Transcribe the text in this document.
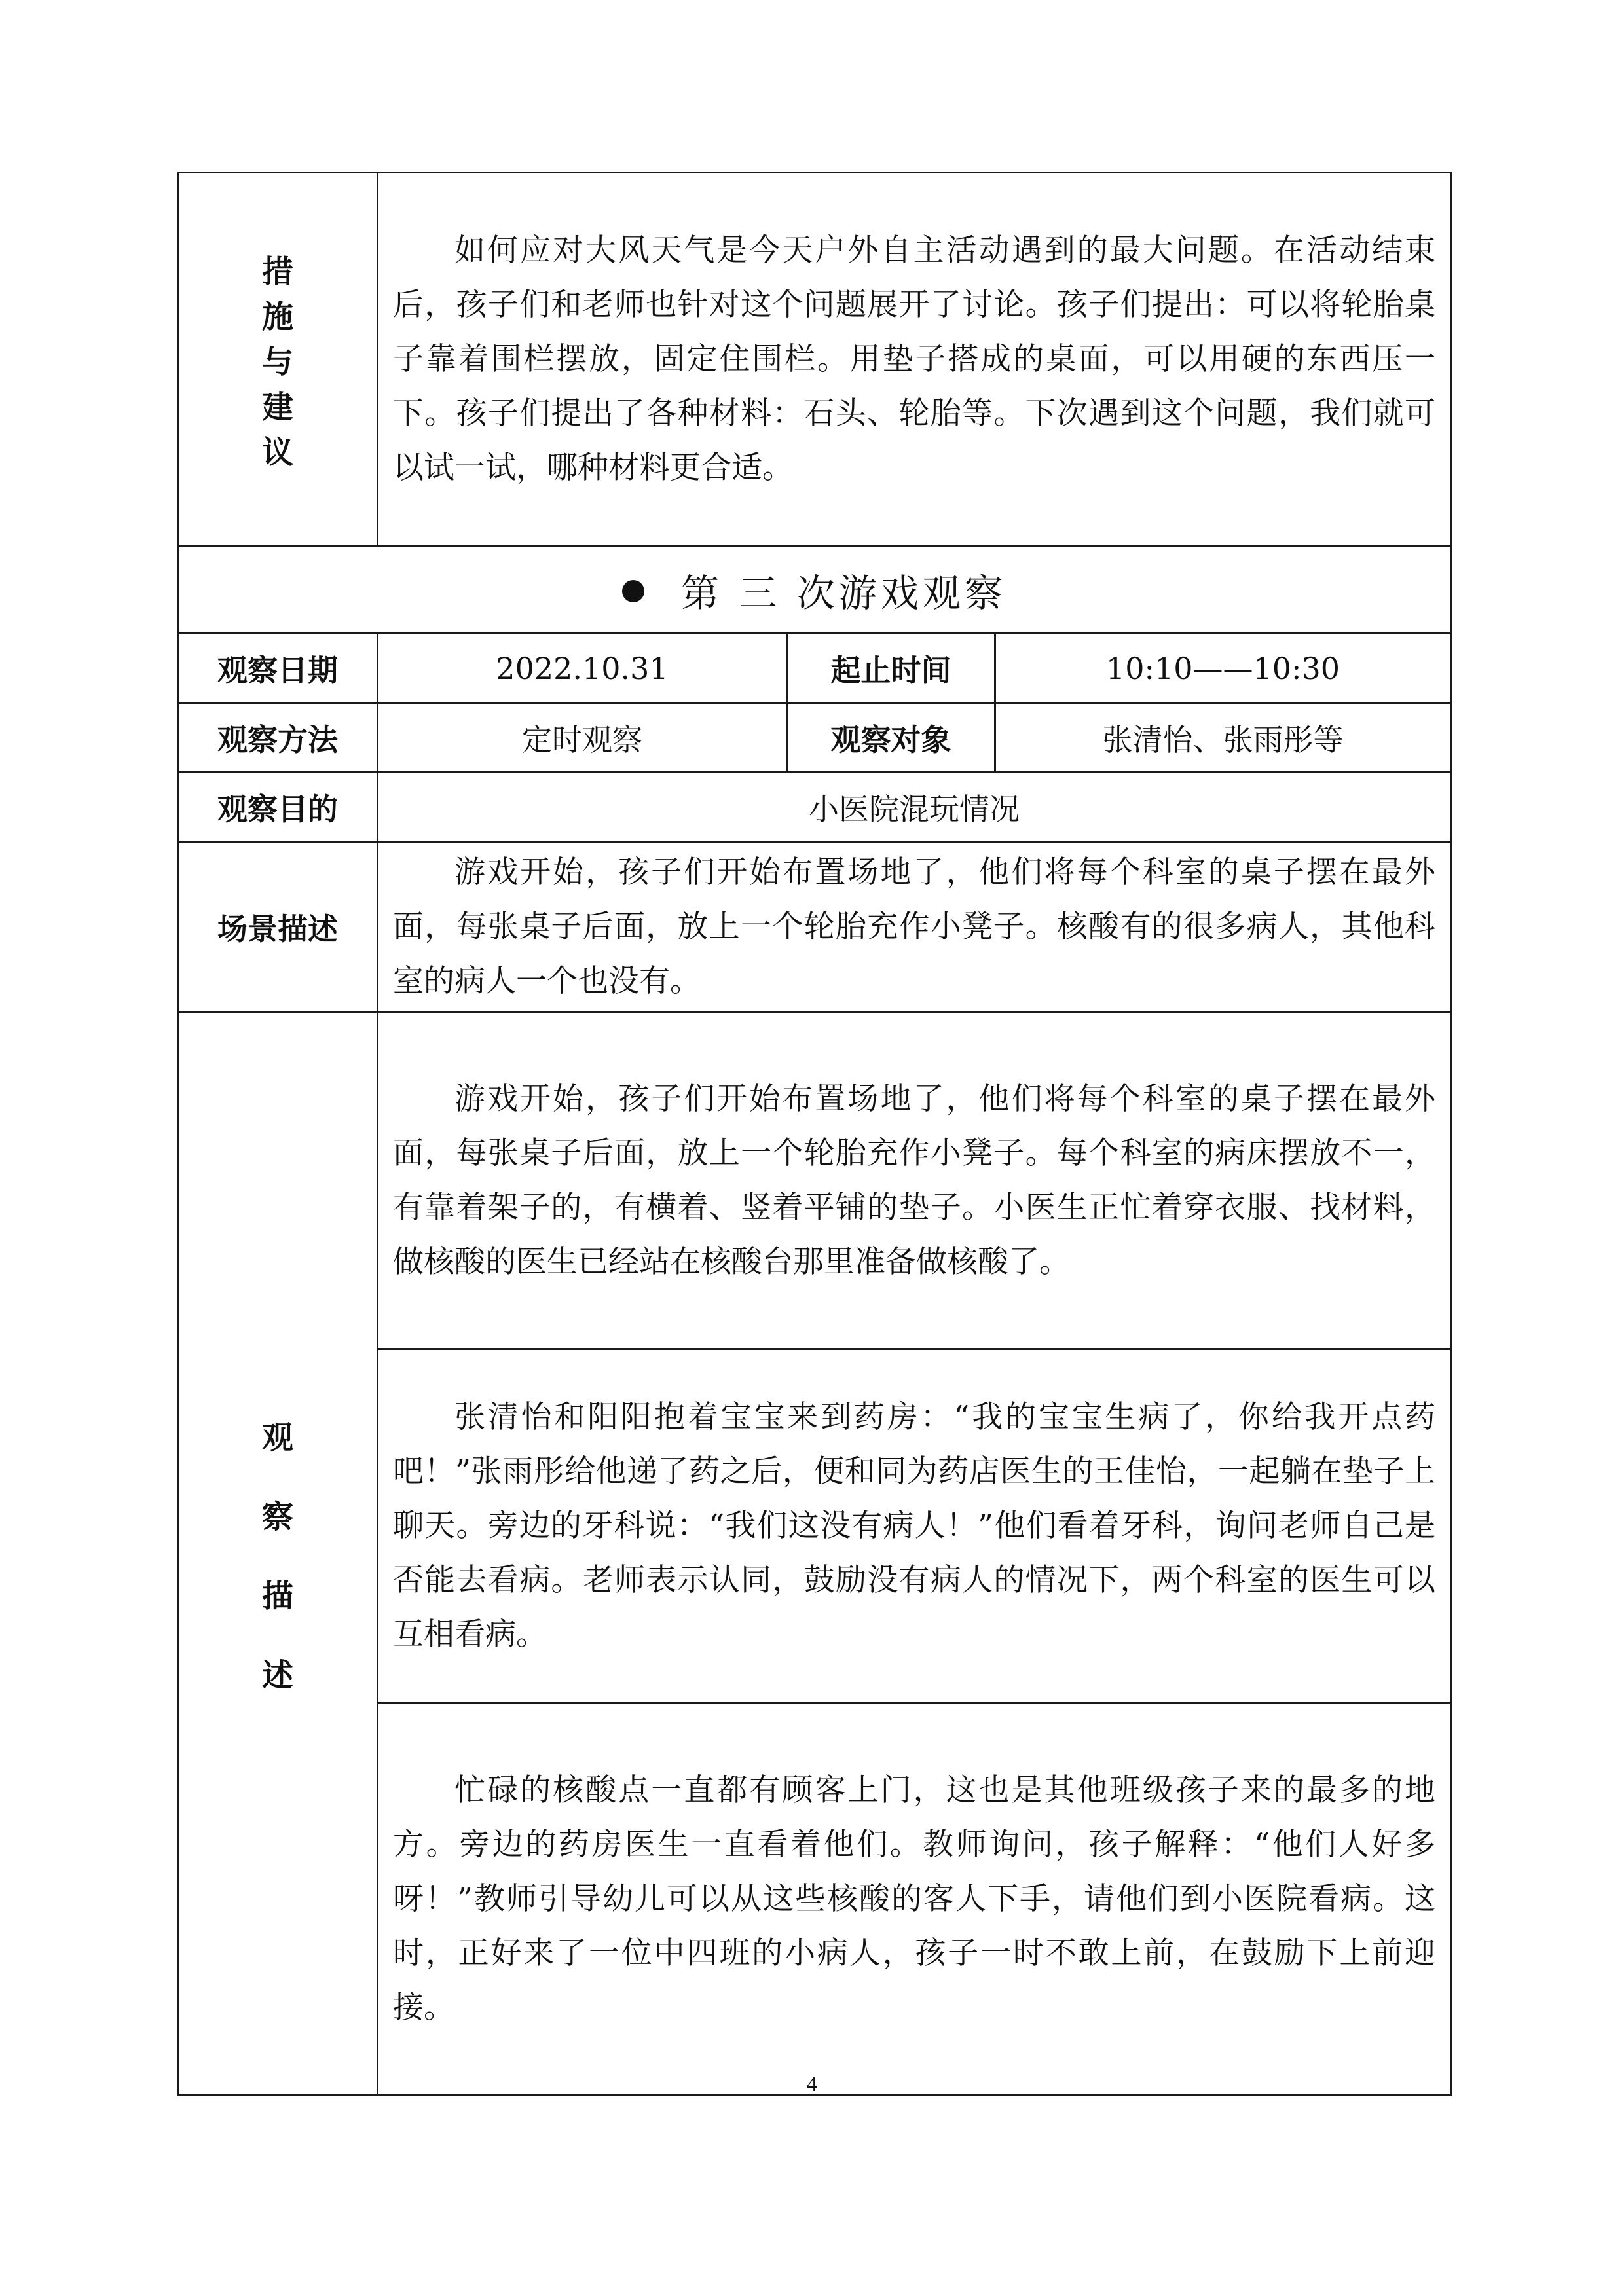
措
施
与
建
议	如何应对大风天气是今天户外自主活动遇到的最大问题。在活动结束后，孩子们和老师也针对这个问题展开了讨论。孩子们提出：可以将轮胎桌子靠着围栏摆放，固定住围栏。用垫子搭成的桌面，可以用硬的东西压一下。孩子们提出了各种材料：石头、轮胎等。下次遇到这个问题，我们就可以试一试，哪种材料更合适。		

第 三 次游戏观察			
观察日期	2022.10.31	起止时间	10:10——10:30
观察方法	定时观察	观察对象	张清怡、张雨彤等
观察目的	小医院混玩情况		
场景描述	游戏开始，孩子们开始布置场地了，他们将每个科室的桌子摆在最外面，每张桌子后面，放上一个轮胎充作小凳子。核酸有的很多病人，其他科室的病人一个也没有。		

观
察
描
述	游戏开始，孩子们开始布置场地了，他们将每个科室的桌子摆在最外面，每张桌子后面，放上一个轮胎充作小凳子。每个科室的病床摆放不一，有靠着架子的，有横着、竖着平铺的垫子。小医生正忙着穿衣服、找材料，做核酸的医生已经站在核酸台那里准备做核酸了。		

	张清怡和阳阳抱着宝宝来到药房：“我的宝宝生病了，你给我开点药吧！”张雨彤给他递了药之后，便和同为药店医生的王佳怡，一起躺在垫子上聊天。旁边的牙科说：“我们这没有病人！”他们看着牙科，询问老师自己是否能去看病。老师表示认同，鼓励没有病人的情况下，两个科室的医生可以互相看病。		

	忙碌的核酸点一直都有顾客上门，这也是其他班级孩子来的最多的地方。旁边的药房医生一直看着他们。教师询问，孩子解释：“他们人好多呀！”教师引导幼儿可以从这些核酸的客人下手，请他们到小医院看病。这时，正好来了一位中四班的小病人，孩子一时不敢上前，在鼓励下上前迎接。		

4
